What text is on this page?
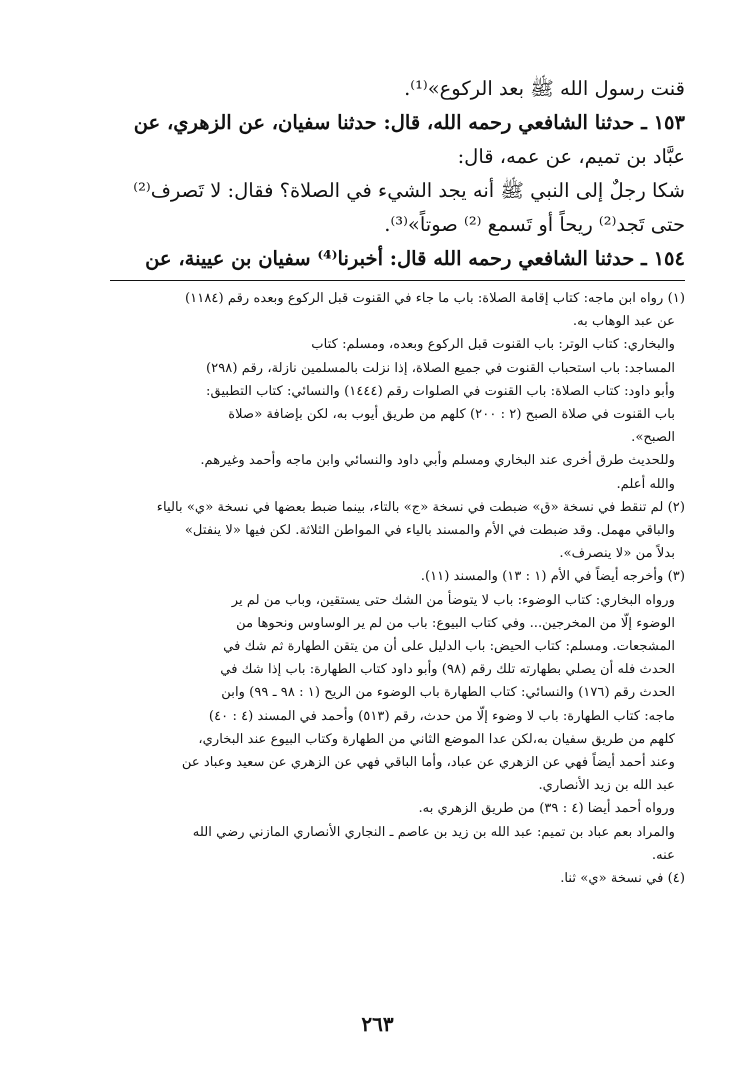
قنت رسول الله ﷺ بعد الركوع»⁽¹⁾.
١٥٣ ـ حدثنا الشافعي رحمه الله، قال: حدثنا سفيان، عن الزهري، عن
عبَّاد بن تميم، عن عمه، قال:
شكا رجلٌ إلى النبي ﷺ أنه يجد الشيء في الصلاة؟ فقال: لا تَصرف⁽²⁾
حتى تَجد⁽²⁾ ريحاً أو تَسمع ⁽²⁾ صوتاً»⁽³⁾.
١٥٤ ـ حدثنا الشافعي رحمه الله قال: أخبرنا⁽⁴⁾ سفيان بن عيينة، عن

(١) رواه ابن ماجه: كتاب إقامة الصلاة: باب ما جاء في القنوت قبل الركوع وبعده رقم (١١٨٤)
عن عبد الوهاب به.
والبخاري: كتاب الوتر: باب القنوت قبل الركوع وبعده، ومسلم: كتاب
المساجد: باب استحباب القنوت في جميع الصلاة، إذا نزلت بالمسلمين نازلة، رقم (٢٩٨)
وأبو داود: كتاب الصلاة: باب القنوت في الصلوات رقم (١٤٤٤) والنسائي: كتاب التطبيق:
باب القنوت في صلاة الصبح (٢ : ٢٠٠) كلهم من طريق أيوب به، لكن بإضافة «صلاة
الصبح».
وللحديث طرق أخرى عند البخاري ومسلم وأبي داود والنسائي وابن ماجه وأحمد وغيرهم.
والله أعلم.
(٢) لم تنقط في نسخة «ق» ضبطت في نسخة «ج» بالتاء، بينما ضبط بعضها في نسخة «ي» بالياء
والباقي مهمل. وقد ضبطت في الأم والمسند بالياء في المواطن الثلاثة. لكن فيها «لا ينفتل»
بدلاً من «لا ينصرف».
(٣) وأخرجه أيضاً في الأم (١ : ١٣) والمسند (١١).
ورواه البخاري: كتاب الوضوء: باب لا يتوضأ من الشك حتى يستقين، وباب من لم ير
الوضوء إلّا من المخرجين... وفي كتاب البيوع: باب من لم ير الوساوس ونحوها من
المشجعات. ومسلم: كتاب الحيض: باب الدليل على أن من يتقن الطهارة ثم شك في
الحدث فله أن يصلي بطهارته تلك رقم (٩٨) وأبو داود كتاب الطهارة: باب إذا شك في
الحدث رقم (١٧٦) والنسائي: كتاب الطهارة باب الوضوء من الريح (١ : ٩٨ ـ ٩٩) وابن
ماجه: كتاب الطهارة: باب لا وضوء إلّا من حدث، رقم (٥١٣) وأحمد في المسند (٤ : ٤٠)
كلهم من طريق سفيان به،لكن عدا الموضع الثاني من الطهارة وكتاب البيوع عند البخاري،
وعند أحمد أيضاً فهي عن الزهري عن عباد، وأما الباقي فهي عن الزهري عن سعيد وعباد عن
عبد الله بن زيد الأنصاري.
ورواه أحمد أيضا (٤ : ٣٩) من طريق الزهري به.
والمراد بعم عباد بن تميم: عبد الله بن زيد بن عاصم ـ النجاري الأنصاري المازني رضي الله
عنه.
(٤) في نسخة «ي» ثنا.
٢٦٣
